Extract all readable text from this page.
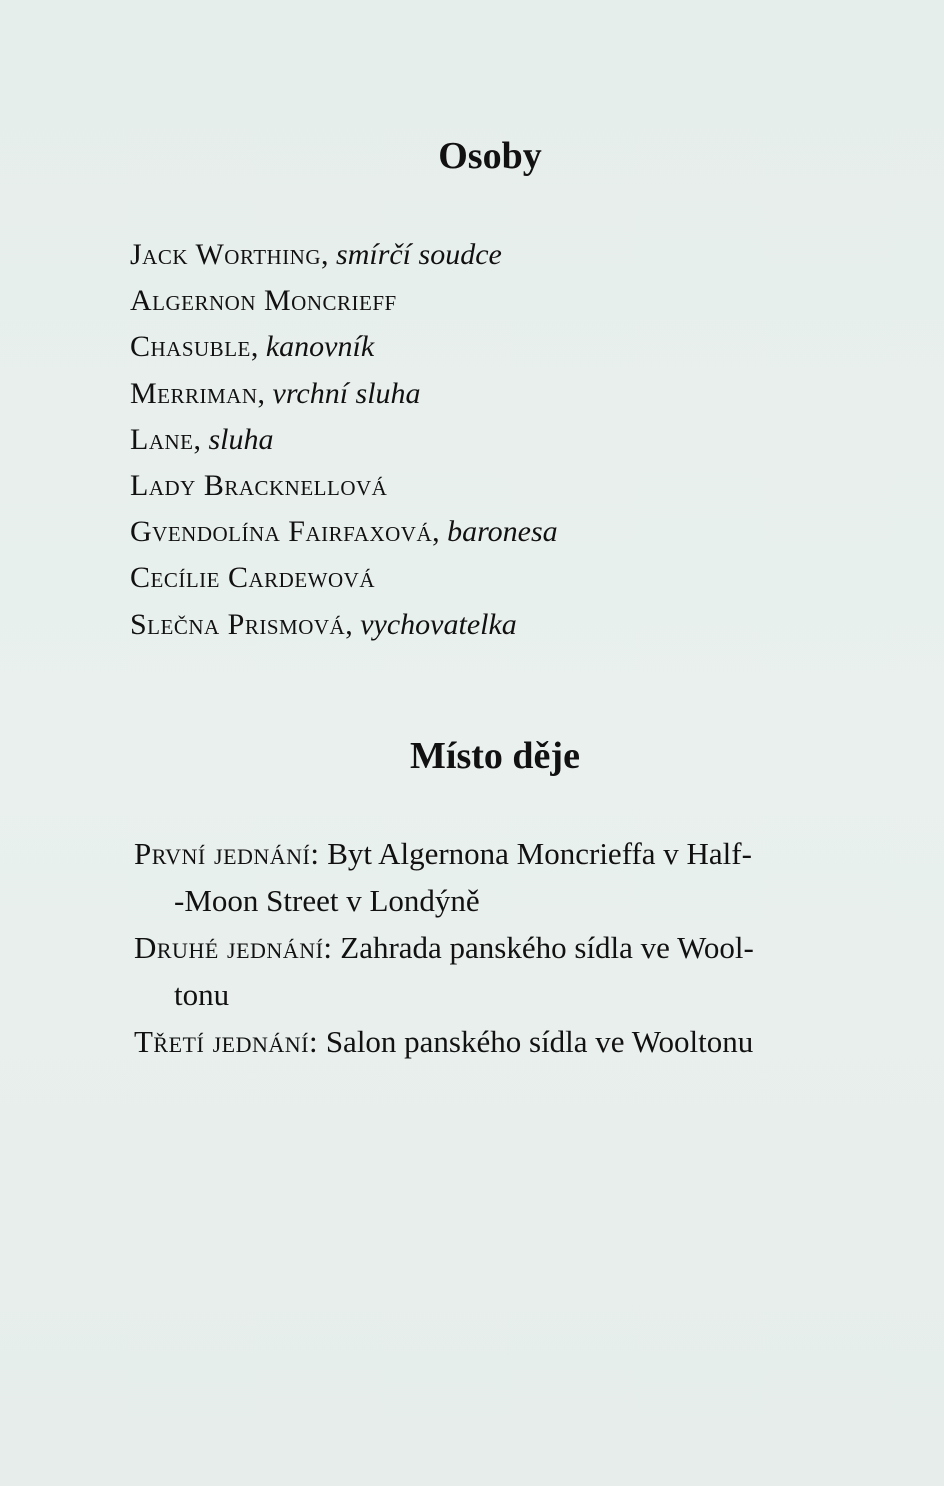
Osoby
Jack Worthing, smírčí soudce
Algernon Moncrieff
Chasuble, kanovník
Merriman, vrchní sluha
Lane, sluha
Lady Bracknellová
Gvendolína Fairfaxová, baronesa
Cecílie Cardewová
Slečna Prismová, vychovatelka
Místo děje
První jednání: Byt Algernona Moncrieffa v Half-
-Moon Street v Londýně
Druhé jednání: Zahrada panského sídla ve Wool-
tonu
Třetí jednání: Salon panského sídla ve Wooltonu
